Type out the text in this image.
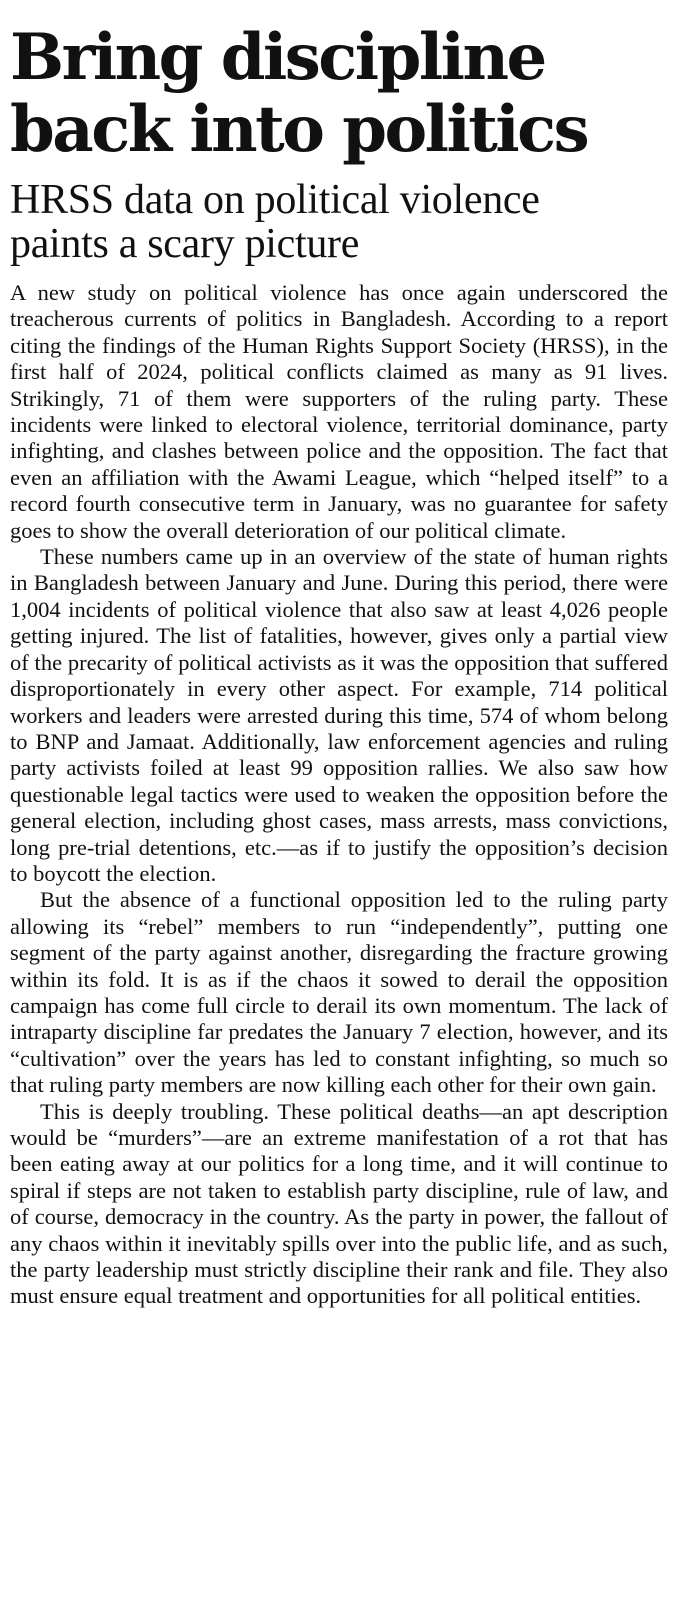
Bring discipline
back into politics
HRSS data on political violence
paints a scary picture

A new study on political violence has once again underscored the treacherous currents of politics in Bangladesh. According to a report citing the findings of the Human Rights Support Society (HRSS), in the first half of 2024, political conflicts claimed as many as 91 lives. Strikingly, 71 of them were supporters of the ruling party. These incidents were linked to electoral violence, territorial dominance, party infighting, and clashes between police and the opposition. The fact that even an affiliation with the Awami League, which “helped itself” to a record fourth consecutive term in January, was no guarantee for safety goes to show the overall deterioration of our political climate.

These numbers came up in an overview of the state of human rights in Bangladesh between January and June. During this period, there were 1,004 incidents of political violence that also saw at least 4,026 people getting injured. The list of fatalities, however, gives only a partial view of the precarity of political activists as it was the opposition that suffered disproportionately in every other aspect. For example, 714 political workers and leaders were arrested during this time, 574 of whom belong to BNP and Jamaat. Additionally, law enforcement agencies and ruling party activists foiled at least 99 opposition rallies. We also saw how questionable legal tactics were used to weaken the opposition before the general election, including ghost cases, mass arrests, mass convictions, long pre-trial detentions, etc.—as if to justify the opposition’s decision to boycott the election.

But the absence of a functional opposition led to the ruling party allowing its “rebel” members to run “independently”, putting one segment of the party against another, disregarding the fracture growing within its fold. It is as if the chaos it sowed to derail the opposition campaign has come full circle to derail its own momentum. The lack of intraparty discipline far predates the January 7 election, however, and its “cultivation” over the years has led to constant infighting, so much so that ruling party members are now killing each other for their own gain.

This is deeply troubling. These political deaths—an apt description would be “murders”—are an extreme manifestation of a rot that has been eating away at our politics for a long time, and it will continue to spiral if steps are not taken to establish party discipline, rule of law, and of course, democracy in the country. As the party in power, the fallout of any chaos within it inevitably spills over into the public life, and as such, the party leadership must strictly discipline their rank and file. They also must ensure equal treatment and opportunities for all political entities.
